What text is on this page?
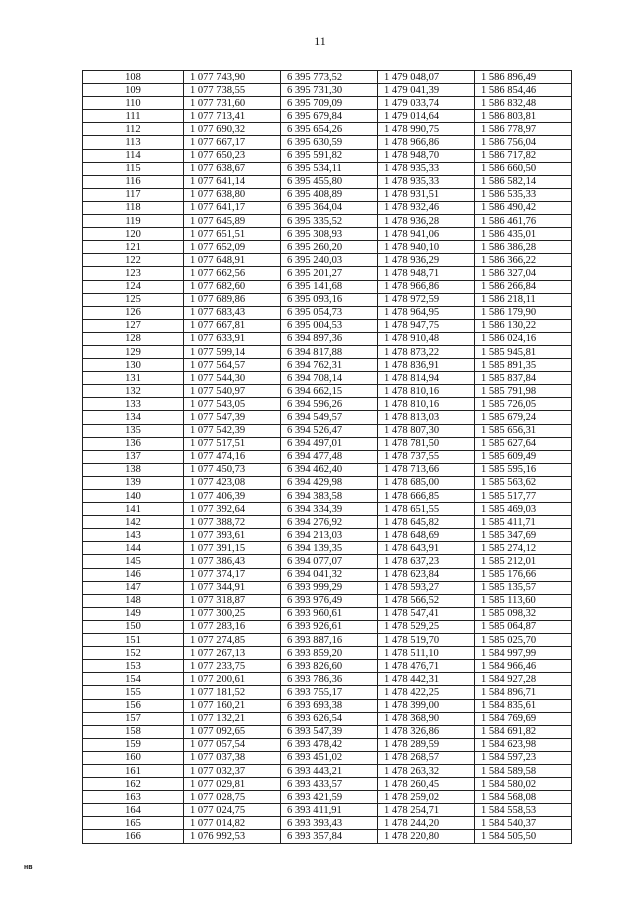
11
108	1 077 743,90	6 395 773,52	1 479 048,07	1 586 896,49
109	1 077 738,55	6 395 731,30	1 479 041,39	1 586 854,46
110	1 077 731,60	6 395 709,09	1 479 033,74	1 586 832,48
111	1 077 713,41	6 395 679,84	1 479 014,64	1 586 803,81
112	1 077 690,32	6 395 654,26	1 478 990,75	1 586 778,97
113	1 077 667,17	6 395 630,59	1 478 966,86	1 586 756,04
114	1 077 650,23	6 395 591,82	1 478 948,70	1 586 717,82
115	1 077 638,67	6 395 534,11	1 478 935,33	1 586 660,50
116	1 077 641,14	6 395 455,80	1 478 935,33	1 586 582,14
117	1 077 638,80	6 395 408,89	1 478 931,51	1 586 535,33
118	1 077 641,17	6 395 364,04	1 478 932,46	1 586 490,42
119	1 077 645,89	6 395 335,52	1 478 936,28	1 586 461,76
120	1 077 651,51	6 395 308,93	1 478 941,06	1 586 435,01
121	1 077 652,09	6 395 260,20	1 478 940,10	1 586 386,28
122	1 077 648,91	6 395 240,03	1 478 936,29	1 586 366,22
123	1 077 662,56	6 395 201,27	1 478 948,71	1 586 327,04
124	1 077 682,60	6 395 141,68	1 478 966,86	1 586 266,84
125	1 077 689,86	6 395 093,16	1 478 972,59	1 586 218,11
126	1 077 683,43	6 395 054,73	1 478 964,95	1 586 179,90
127	1 077 667,81	6 395 004,53	1 478 947,75	1 586 130,22
128	1 077 633,91	6 394 897,36	1 478 910,48	1 586 024,16
129	1 077 599,14	6 394 817,88	1 478 873,22	1 585 945,81
130	1 077 564,57	6 394 762,31	1 478 836,91	1 585 891,35
131	1 077 544,30	6 394 708,14	1 478 814,94	1 585 837,84
132	1 077 540,97	6 394 662,15	1 478 810,16	1 585 791,98
133	1 077 543,05	6 394 596,26	1 478 810,16	1 585 726,05
134	1 077 547,39	6 394 549,57	1 478 813,03	1 585 679,24
135	1 077 542,39	6 394 526,47	1 478 807,30	1 585 656,31
136	1 077 517,51	6 394 497,01	1 478 781,50	1 585 627,64
137	1 077 474,16	6 394 477,48	1 478 737,55	1 585 609,49
138	1 077 450,73	6 394 462,40	1 478 713,66	1 585 595,16
139	1 077 423,08	6 394 429,98	1 478 685,00	1 585 563,62
140	1 077 406,39	6 394 383,58	1 478 666,85	1 585 517,77
141	1 077 392,64	6 394 334,39	1 478 651,55	1 585 469,03
142	1 077 388,72	6 394 276,92	1 478 645,82	1 585 411,71
143	1 077 393,61	6 394 213,03	1 478 648,69	1 585 347,69
144	1 077 391,15	6 394 139,35	1 478 643,91	1 585 274,12
145	1 077 386,43	6 394 077,07	1 478 637,23	1 585 212,01
146	1 077 374,17	6 394 041,32	1 478 623,84	1 585 176,66
147	1 077 344,91	6 393 999,29	1 478 593,27	1 585 135,57
148	1 077 318,87	6 393 976,49	1 478 566,52	1 585 113,60
149	1 077 300,25	6 393 960,61	1 478 547,41	1 585 098,32
150	1 077 283,16	6 393 926,61	1 478 529,25	1 585 064,87
151	1 077 274,85	6 393 887,16	1 478 519,70	1 585 025,70
152	1 077 267,13	6 393 859,20	1 478 511,10	1 584 997,99
153	1 077 233,75	6 393 826,60	1 478 476,71	1 584 966,46
154	1 077 200,61	6 393 786,36	1 478 442,31	1 584 927,28
155	1 077 181,52	6 393 755,17	1 478 422,25	1 584 896,71
156	1 077 160,21	6 393 693,38	1 478 399,00	1 584 835,61
157	1 077 132,21	6 393 626,54	1 478 368,90	1 584 769,69
158	1 077 092,65	6 393 547,39	1 478 326,86	1 584 691,82
159	1 077 057,54	6 393 478,42	1 478 289,59	1 584 623,98
160	1 077 037,38	6 393 451,02	1 478 268,57	1 584 597,23
161	1 077 032,37	6 393 443,21	1 478 263,32	1 584 589,58
162	1 077 029,81	6 393 433,57	1 478 260,45	1 584 580,02
163	1 077 028,75	6 393 421,59	1 478 259,02	1 584 568,08
164	1 077 024,75	6 393 411,91	1 478 254,71	1 584 558,53
165	1 077 014,82	6 393 393,43	1 478 244,20	1 584 540,37
166	1 076 992,53	6 393 357,84	1 478 220,80	1 584 505,50
нв
